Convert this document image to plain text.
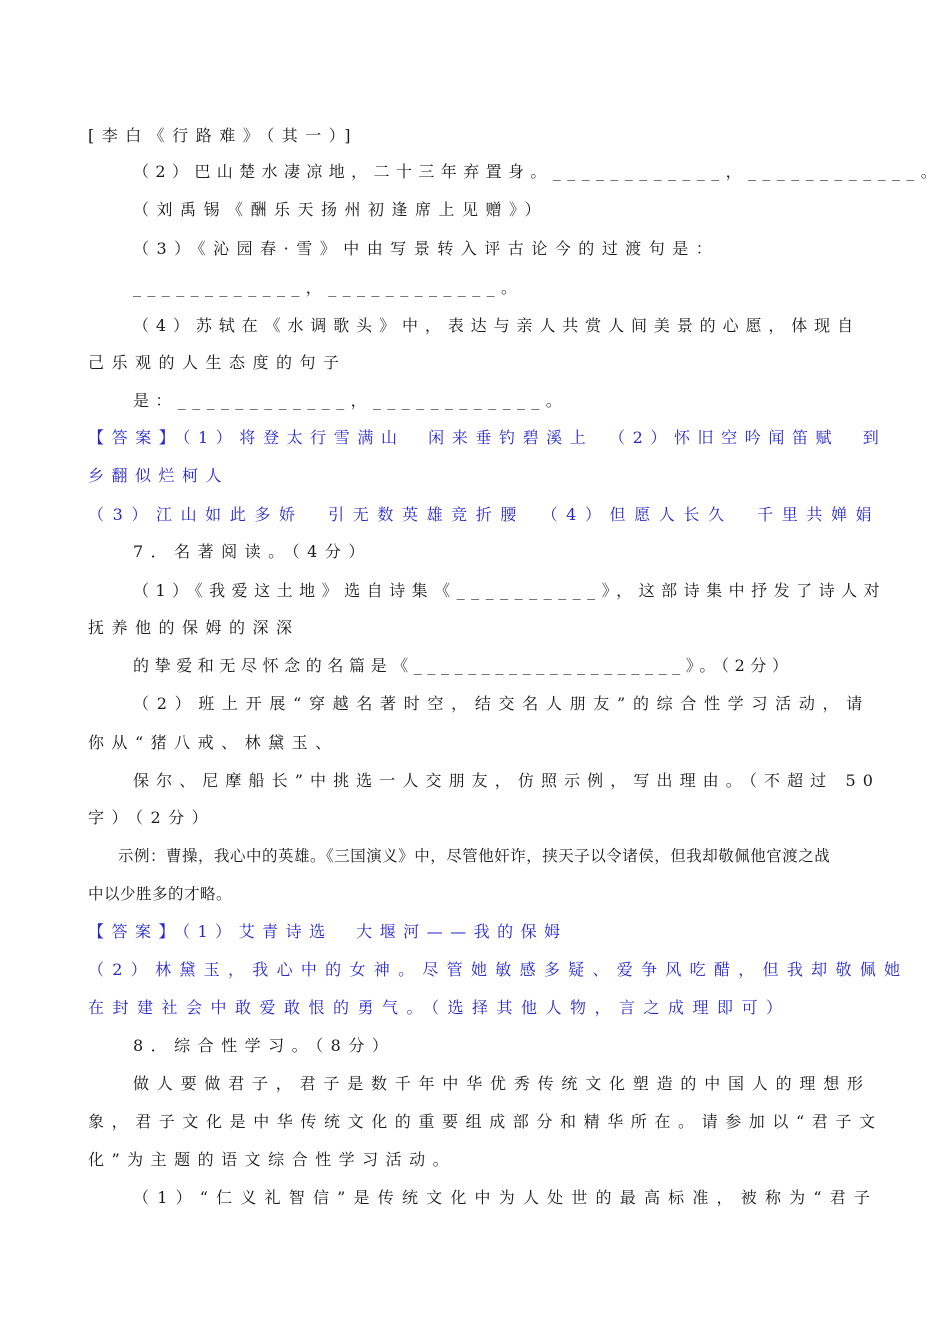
[李白《行路难》（其一）]
（2）巴山楚水凄凉地，二十三年弃置身。____________，____________。
（刘禹锡《酬乐天扬州初逢席上见赠》）
（3）《沁园春·雪》中由写景转入评古论今的过渡句是：
____________，____________。
（4）苏轼在《水调歌头》中，表达与亲人共赏人间美景的心愿，体现自
己乐观的人生态度的句子
是：____________，____________。
【答案】（1）将登太行雪满山　闲来垂钓碧溪上　（2）怀旧空吟闻笛赋　到
乡翻似烂柯人
（3）江山如此多娇　引无数英雄竞折腰　（4）但愿人长久　千里共婵娟
7．名著阅读。（4分）
（1）《我爱这土地》选自诗集《__________》，这部诗集中抒发了诗人对
抚养他的保姆的深深
的挚爱和无尽怀念的名篇是《____________________》。（2分）
（2）班上开展“穿越名著时空，结交名人朋友”的综合性学习活动，请
你从“猪八戒、林黛玉、
保尔、尼摩船长”中挑选一人交朋友，仿照示例，写出理由。（不超过 50
字）（2分）
示例：曹操，我心中的英雄。《三国演义》中，尽管他奸诈，挟天子以令诸侯，但我却敬佩他官渡之战
中以少胜多的才略。
【答案】（1）艾青诗选　大堰河——我的保姆
（2）林黛玉，我心中的女神。尽管她敏感多疑、爱争风吃醋，但我却敬佩她
在封建社会中敢爱敢恨的勇气。（选择其他人物，言之成理即可）
8．综合性学习。（8分）
做人要做君子，君子是数千年中华优秀传统文化塑造的中国人的理想形
象，君子文化是中华传统文化的重要组成部分和精华所在。请参加以“君子文
化”为主题的语文综合性学习活动。
（1）“仁义礼智信”是传统文化中为人处世的最高标准，被称为“君子
